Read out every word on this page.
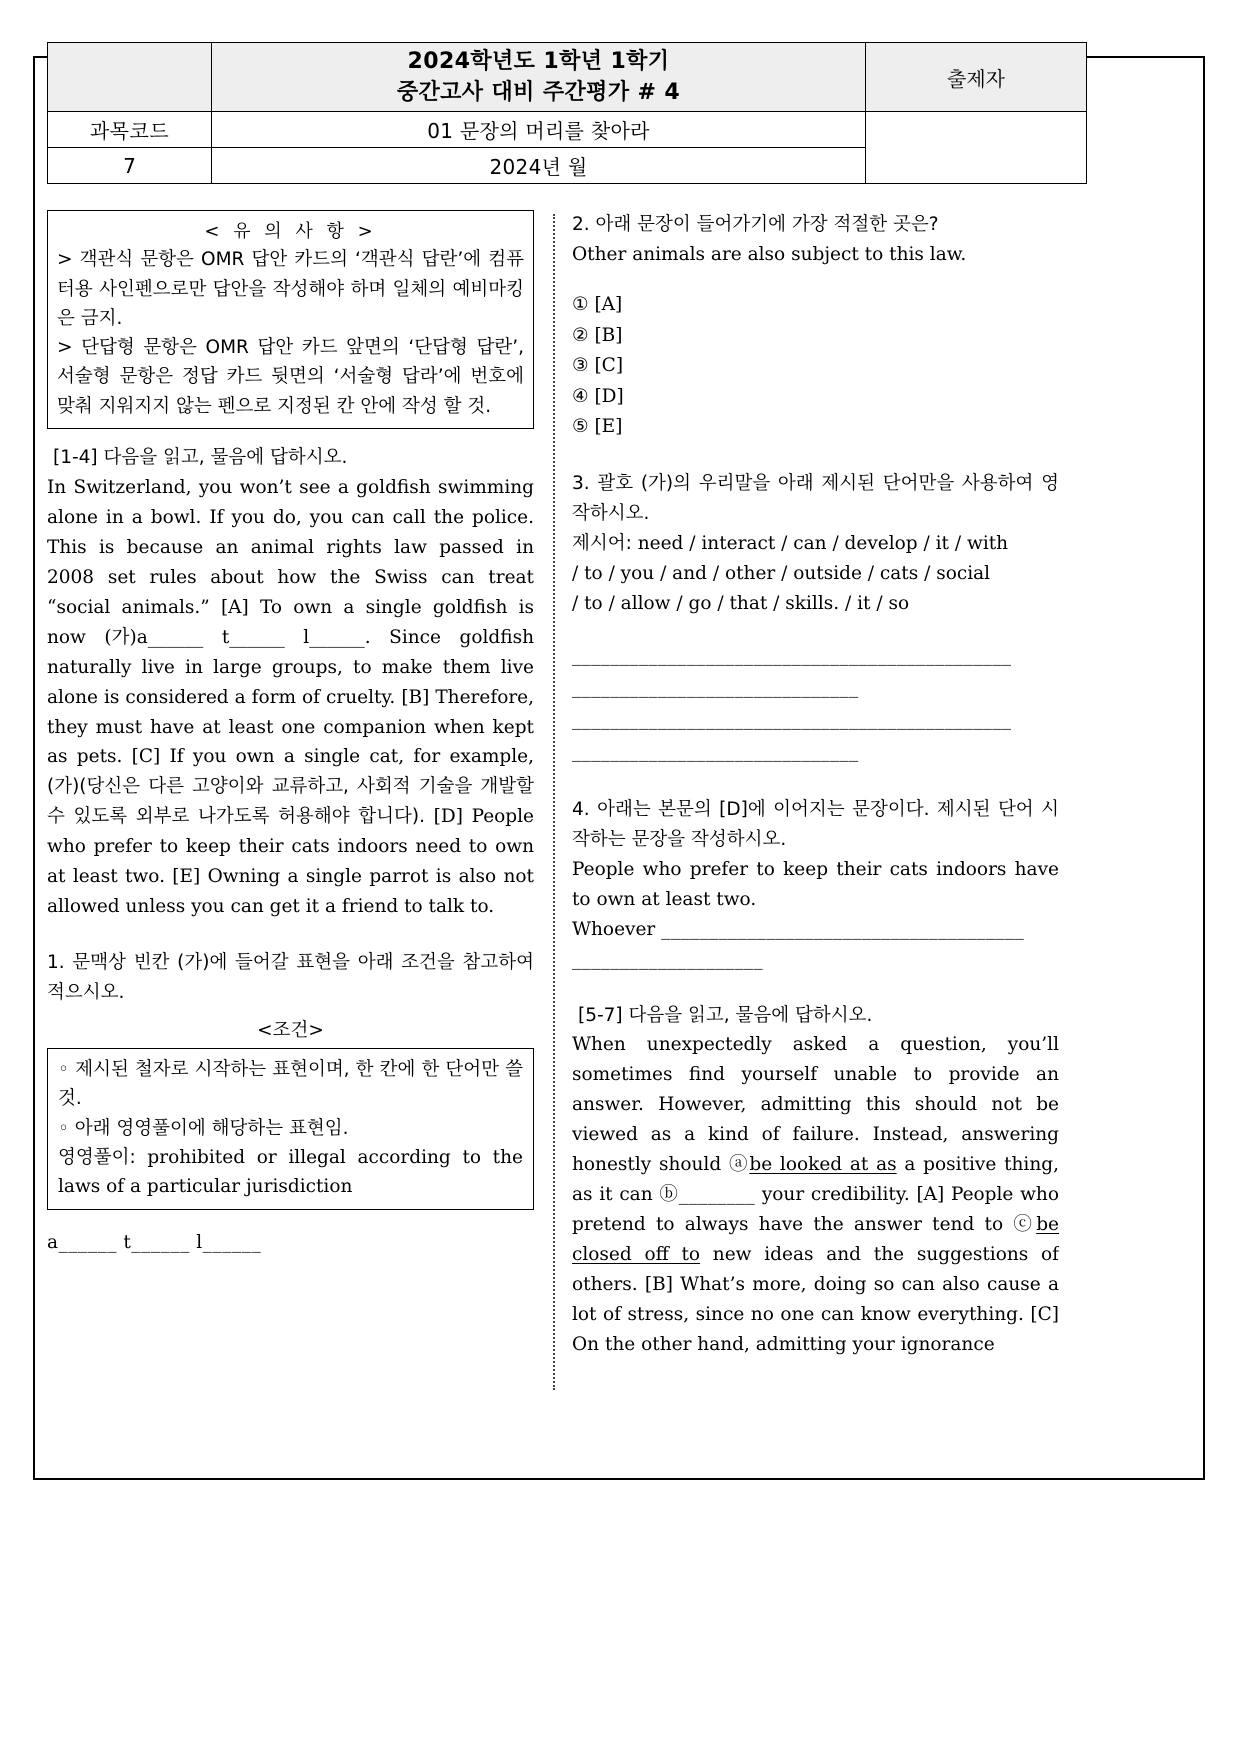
	2024학년도 1학년 1학기
중간고사 대비 주간평가 # 4	출제자
과목코드	01 문장의 머리를 찾아라	
7	2024년 월	
< 유 의 사 항 >
> 객관식 문항은 OMR 답안 카드의 ‘객관식 답란’에 컴퓨터용 사인펜으로만 답안을 작성해야 하며 일체의 예비마킹은 금지.
> 단답형 문항은 OMR 답안 카드 앞면의 ‘단답형 답란’, 서술형 문항은 정답 카드 뒷면의 ‘서술형 답라’에 번호에 맞춰 지워지지 않는 펜으로 지정된 칸 안에 작성 할 것.
[1-4] 다음을 읽고, 물음에 답하시오.
In Switzerland, you won’t see a goldfish swimming alone in a bowl. If you do, you can call the police. This is because an animal rights law passed in 2008 set rules about how the Swiss can treat “social animals.” [A] To own a single goldfish is now (가)a______ t______ l______. Since goldfish naturally live in large groups, to make them live alone is considered a form of cruelty. [B] Therefore, they must have at least one companion when kept as pets. [C] If you own a single cat, for example, (가)(당신은 다른 고양이와 교류하고, 사회적 기술을 개발할 수 있도록 외부로 나가도록 허용해야 합니다). [D] People who prefer to keep their cats indoors need to own at least two. [E] Owning a single parrot is also not allowed unless you can get it a friend to talk to.
1. 문맥상 빈칸 (가)에 들어갈 표현을 아래 조건을 참고하여 적으시오.
<조건>
◦ 제시된 철자로 시작하는 표현이며, 한 칸에 한 단어만 쓸 것.
◦ 아래 영영풀이에 해당하는 표현임.
영영풀이: prohibited or illegal according to the laws of a particular jurisdiction
a______ t______ l______
2. 아래 문장이 들어가기에 가장 적절한 곳은?
Other animals are also subject to this law.
① [A]
② [B]
③ [C]
④ [D]
⑤ [E]
3. 괄호 (가)의 우리말을 아래 제시된 단어만을 사용하여 영작하시오.
제시어: need / interact / can / develop / it / with
/ to / you / and / other / outside / cats / social
/ to / allow / go / that / skills. / it / so
______________________________________________
______________________________
______________________________________________
______________________________
4. 아래는 본문의 [D]에 이어지는 문장이다. 제시된 단어 시작하는 문장을 작성하시오.
People who prefer to keep their cats indoors have to own at least two.
Whoever ______________________________________
____________________
[5-7] 다음을 읽고, 물음에 답하시오.
When unexpectedly asked a question, you’ll sometimes find yourself unable to provide an answer. However, admitting this should not be viewed as a kind of failure. Instead, answering honestly should ⓐbe looked at as a positive thing, as it can ⓑ________ your credibility. [A] People who pretend to always have the answer tend to ⓒbe closed off to new ideas and the suggestions of others. [B] What’s more, doing so can also cause a lot of stress, since no one can know everything. [C] On the other hand, admitting your ignorance
